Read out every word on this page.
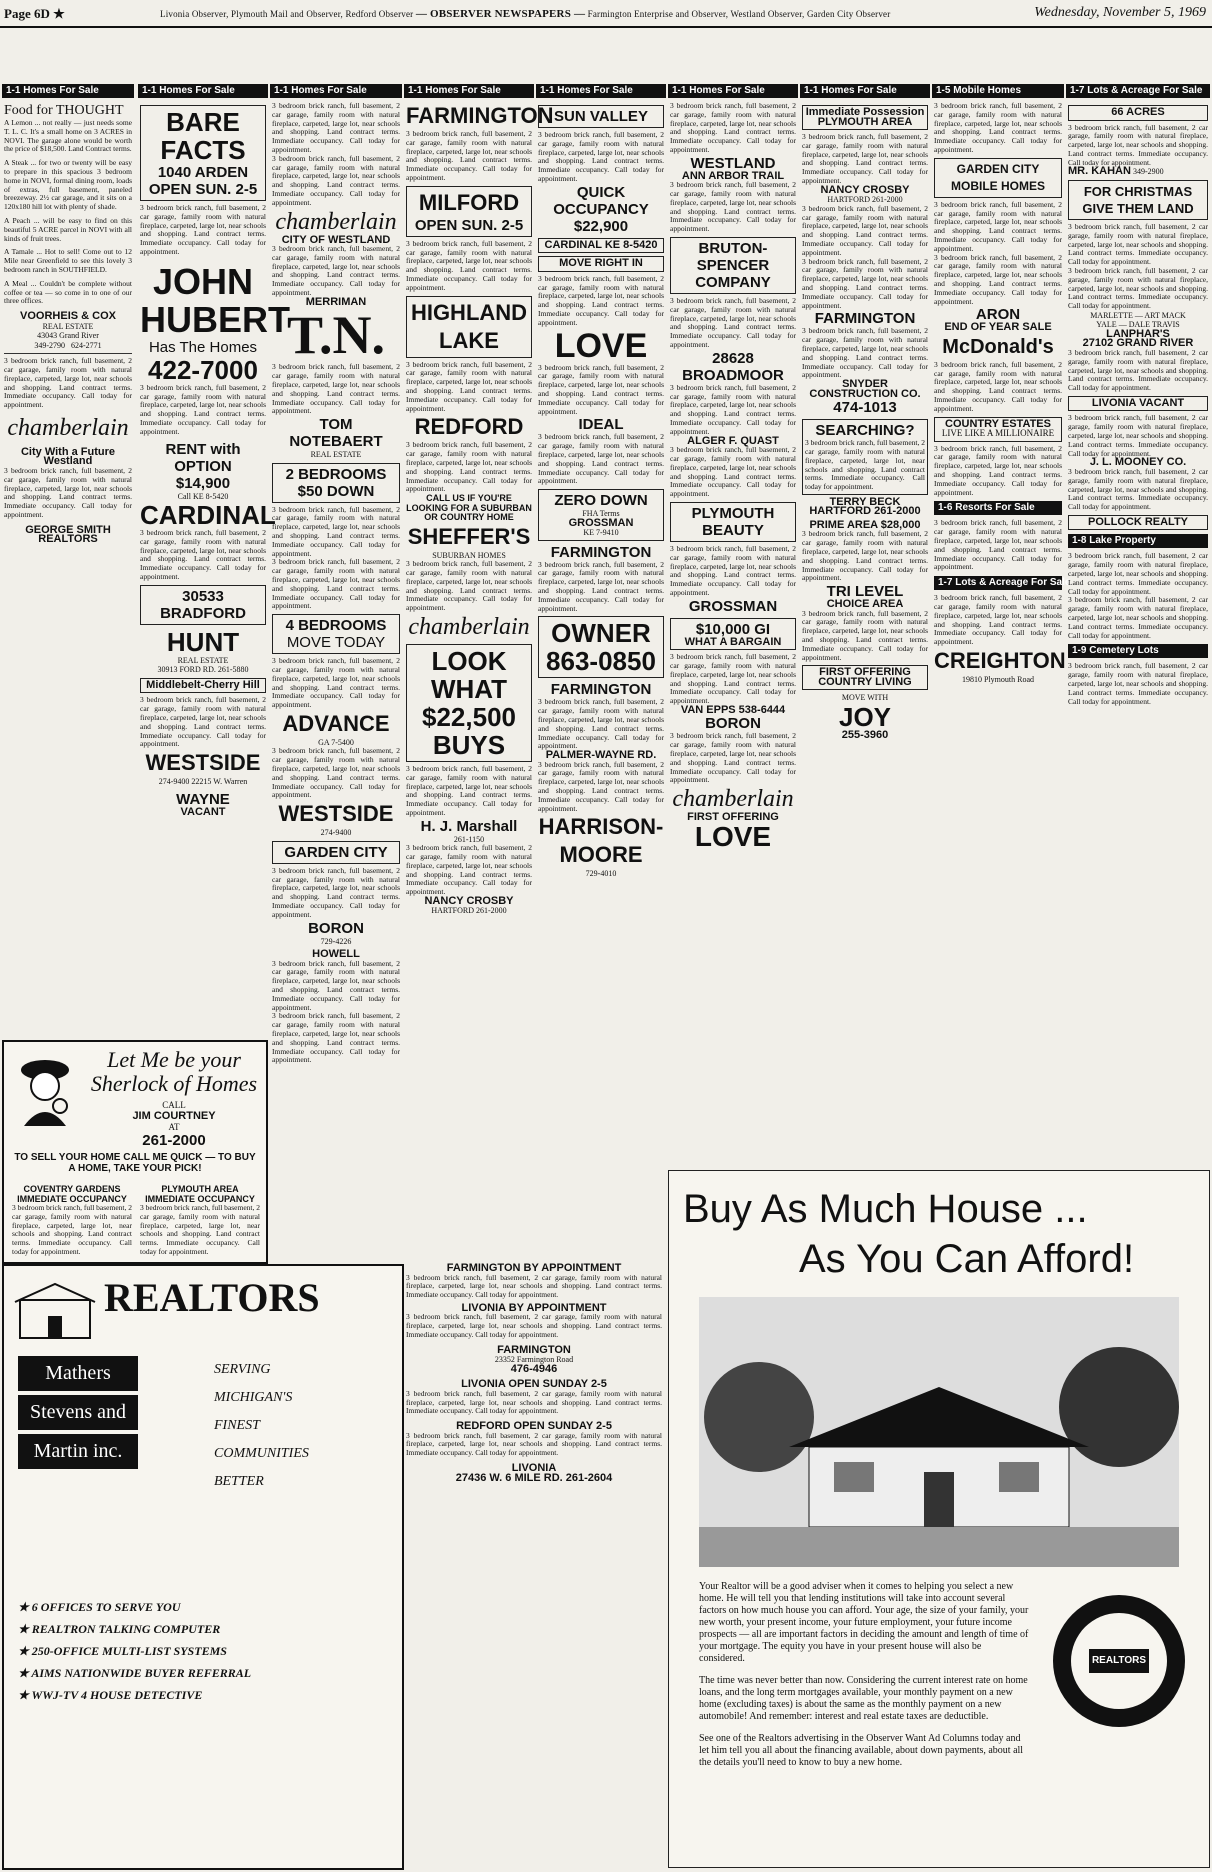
Page 6D ★	Livonia Observer, Plymouth Mail and Observer, Redford Observer — OBSERVER NEWSPAPERS — Farmington Enterprise and Observer, Westland Observer, Garden City Observer	Wednesday, November 5, 1969
1-1 Homes For Sale	1-1 Homes For Sale	1-1 Homes For Sale	1-1 Homes For Sale	1-1 Homes For Sale	1-1 Homes For Sale	1-1 Homes For Sale	1-5 Mobile Homes	1-7 Lots & Acreage For Sale
Food for THOUGHT
A Lemon ... not really — just needs some T. L. C. It's a small home on 3 ACRES in NOVI. The garage alone would be worth the price of $18,500. Land Contract terms.
A Steak ... for two or twenty will be easy to prepare in this spacious 3 bedroom home in NOVI, formal dining room, loads of extras, full basement, paneled breezeway. 2½ car garage, and it sits on a 120x180 hill lot with plenty of shade.
A Peach ... will be easy to find on this beautiful 5 ACRE parcel in NOVI with all kinds of fruit trees.
A Tamale ... Hot to sell! Come out to 12 Mile near Greenfield to see this lovely 3 bedroom ranch in SOUTHFIELD.
A Meal ... Couldn't be complete without coffee or tea — so come in to one of our three offices.
VOORHEIS & COX
REAL ESTATE
43043 Grand River
349-2790 624-2771
3 bedroom brick ranch, full basement, 2 car garage, family room with natural fireplace, carpeted, large lot, near schools and shopping. Land contract terms. Immediate occupancy. Call today for appointment.
chamberlain
City With a Future Westland
3 bedroom brick ranch, full basement, 2 car garage, family room with natural fireplace, carpeted, large lot, near schools and shopping. Land contract terms. Immediate occupancy. Call today for appointment.
GEORGE SMITH REALTORS
BARE FACTS
1040 ARDEN
OPEN SUN. 2-5
3 bedroom brick ranch, full basement, 2 car garage, family room with natural fireplace, carpeted, large lot, near schools and shopping. Land contract terms. Immediate occupancy. Call today for appointment.
JOHN HUBERT
Has The Homes
422-7000
3 bedroom brick ranch, full basement, 2 car garage, family room with natural fireplace, carpeted, large lot, near schools and shopping. Land contract terms. Immediate occupancy. Call today for appointment.
RENT with OPTION
$14,900
Call KE 8-5420
CARDINAL
3 bedroom brick ranch, full basement, 2 car garage, family room with natural fireplace, carpeted, large lot, near schools and shopping. Land contract terms. Immediate occupancy. Call today for appointment.
30533 BRADFORD
HUNT
REAL ESTATE
30913 FORD RD. 261-5880
Middlebelt-Cherry Hill
3 bedroom brick ranch, full basement, 2 car garage, family room with natural fireplace, carpeted, large lot, near schools and shopping. Land contract terms. Immediate occupancy. Call today for appointment.
WESTSIDE
274-9400 22215 W. Warren
WAYNE
VACANT
3 bedroom brick ranch, full basement, 2 car garage, family room with natural fireplace, carpeted, large lot, near schools and shopping. Land contract terms. Immediate occupancy. Call today for appointment.
3 bedroom brick ranch, full basement, 2 car garage, family room with natural fireplace, carpeted, large lot, near schools and shopping. Land contract terms. Immediate occupancy. Call today for appointment.
chamberlain
CITY OF WESTLAND
3 bedroom brick ranch, full basement, 2 car garage, family room with natural fireplace, carpeted, large lot, near schools and shopping. Land contract terms. Immediate occupancy. Call today for appointment.
MERRIMAN
T.N.
3 bedroom brick ranch, full basement, 2 car garage, family room with natural fireplace, carpeted, large lot, near schools and shopping. Land contract terms. Immediate occupancy. Call today for appointment.
TOM NOTEBAERT
REAL ESTATE
2 BEDROOMS
$50 DOWN
3 bedroom brick ranch, full basement, 2 car garage, family room with natural fireplace, carpeted, large lot, near schools and shopping. Land contract terms. Immediate occupancy. Call today for appointment.
3 bedroom brick ranch, full basement, 2 car garage, family room with natural fireplace, carpeted, large lot, near schools and shopping. Land contract terms. Immediate occupancy. Call today for appointment.
4 BEDROOMS
MOVE TODAY
3 bedroom brick ranch, full basement, 2 car garage, family room with natural fireplace, carpeted, large lot, near schools and shopping. Land contract terms. Immediate occupancy. Call today for appointment.
ADVANCE
GA 7-5400
3 bedroom brick ranch, full basement, 2 car garage, family room with natural fireplace, carpeted, large lot, near schools and shopping. Land contract terms. Immediate occupancy. Call today for appointment.
WESTSIDE
274-9400
GARDEN CITY
3 bedroom brick ranch, full basement, 2 car garage, family room with natural fireplace, carpeted, large lot, near schools and shopping. Land contract terms. Immediate occupancy. Call today for appointment.
BORON
729-4226
HOWELL
3 bedroom brick ranch, full basement, 2 car garage, family room with natural fireplace, carpeted, large lot, near schools and shopping. Land contract terms. Immediate occupancy. Call today for appointment.
3 bedroom brick ranch, full basement, 2 car garage, family room with natural fireplace, carpeted, large lot, near schools and shopping. Land contract terms. Immediate occupancy. Call today for appointment.
FARMINGTON
3 bedroom brick ranch, full basement, 2 car garage, family room with natural fireplace, carpeted, large lot, near schools and shopping. Land contract terms. Immediate occupancy. Call today for appointment.
MILFORD
OPEN SUN. 2-5
3 bedroom brick ranch, full basement, 2 car garage, family room with natural fireplace, carpeted, large lot, near schools and shopping. Land contract terms. Immediate occupancy. Call today for appointment.
HIGHLAND LAKE
3 bedroom brick ranch, full basement, 2 car garage, family room with natural fireplace, carpeted, large lot, near schools and shopping. Land contract terms. Immediate occupancy. Call today for appointment.
REDFORD
3 bedroom brick ranch, full basement, 2 car garage, family room with natural fireplace, carpeted, large lot, near schools and shopping. Land contract terms. Immediate occupancy. Call today for appointment.
CALL US IF YOU'RE LOOKING FOR A SUBURBAN OR COUNTRY HOME
SHEFFER'S
SUBURBAN HOMES
3 bedroom brick ranch, full basement, 2 car garage, family room with natural fireplace, carpeted, large lot, near schools and shopping. Land contract terms. Immediate occupancy. Call today for appointment.
chamberlain
LOOK WHAT
$22,500
BUYS
3 bedroom brick ranch, full basement, 2 car garage, family room with natural fireplace, carpeted, large lot, near schools and shopping. Land contract terms. Immediate occupancy. Call today for appointment.
H. J. Marshall
261-1150
3 bedroom brick ranch, full basement, 2 car garage, family room with natural fireplace, carpeted, large lot, near schools and shopping. Land contract terms. Immediate occupancy. Call today for appointment.
NANCY CROSBY
HARTFORD 261-2000
SUN VALLEY
3 bedroom brick ranch, full basement, 2 car garage, family room with natural fireplace, carpeted, large lot, near schools and shopping. Land contract terms. Immediate occupancy. Call today for appointment.
QUICK OCCUPANCY
$22,900
CARDINAL KE 8-5420
MOVE RIGHT IN
3 bedroom brick ranch, full basement, 2 car garage, family room with natural fireplace, carpeted, large lot, near schools and shopping. Land contract terms. Immediate occupancy. Call today for appointment.
LOVE
3 bedroom brick ranch, full basement, 2 car garage, family room with natural fireplace, carpeted, large lot, near schools and shopping. Land contract terms. Immediate occupancy. Call today for appointment.
IDEAL
3 bedroom brick ranch, full basement, 2 car garage, family room with natural fireplace, carpeted, large lot, near schools and shopping. Land contract terms. Immediate occupancy. Call today for appointment.
ZERO DOWN
FHA Terms
GROSSMAN
KE 7-9410
FARMINGTON
3 bedroom brick ranch, full basement, 2 car garage, family room with natural fireplace, carpeted, large lot, near schools and shopping. Land contract terms. Immediate occupancy. Call today for appointment.
OWNER
863-0850
FARMINGTON
3 bedroom brick ranch, full basement, 2 car garage, family room with natural fireplace, carpeted, large lot, near schools and shopping. Land contract terms. Immediate occupancy. Call today for appointment.
PALMER-WAYNE RD.
3 bedroom brick ranch, full basement, 2 car garage, family room with natural fireplace, carpeted, large lot, near schools and shopping. Land contract terms. Immediate occupancy. Call today for appointment.
HARRISON-MOORE
729-4010
3 bedroom brick ranch, full basement, 2 car garage, family room with natural fireplace, carpeted, large lot, near schools and shopping. Land contract terms. Immediate occupancy. Call today for appointment.
WESTLAND
ANN ARBOR TRAIL
3 bedroom brick ranch, full basement, 2 car garage, family room with natural fireplace, carpeted, large lot, near schools and shopping. Land contract terms. Immediate occupancy. Call today for appointment.
BRUTON-SPENCER COMPANY
3 bedroom brick ranch, full basement, 2 car garage, family room with natural fireplace, carpeted, large lot, near schools and shopping. Land contract terms. Immediate occupancy. Call today for appointment.
28628 BROADMOOR
3 bedroom brick ranch, full basement, 2 car garage, family room with natural fireplace, carpeted, large lot, near schools and shopping. Land contract terms. Immediate occupancy. Call today for appointment.
ALGER F. QUAST
3 bedroom brick ranch, full basement, 2 car garage, family room with natural fireplace, carpeted, large lot, near schools and shopping. Land contract terms. Immediate occupancy. Call today for appointment.
PLYMOUTH BEAUTY
3 bedroom brick ranch, full basement, 2 car garage, family room with natural fireplace, carpeted, large lot, near schools and shopping. Land contract terms. Immediate occupancy. Call today for appointment.
GROSSMAN
$10,000 GI
WHAT A BARGAIN
3 bedroom brick ranch, full basement, 2 car garage, family room with natural fireplace, carpeted, large lot, near schools and shopping. Land contract terms. Immediate occupancy. Call today for appointment.
VAN EPPS 538-6444
BORON
3 bedroom brick ranch, full basement, 2 car garage, family room with natural fireplace, carpeted, large lot, near schools and shopping. Land contract terms. Immediate occupancy. Call today for appointment.
chamberlain
FIRST OFFERING
LOVE
Immediate Possession PLYMOUTH AREA
3 bedroom brick ranch, full basement, 2 car garage, family room with natural fireplace, carpeted, large lot, near schools and shopping. Land contract terms. Immediate occupancy. Call today for appointment.
NANCY CROSBY
HARTFORD 261-2000
3 bedroom brick ranch, full basement, 2 car garage, family room with natural fireplace, carpeted, large lot, near schools and shopping. Land contract terms. Immediate occupancy. Call today for appointment.
3 bedroom brick ranch, full basement, 2 car garage, family room with natural fireplace, carpeted, large lot, near schools and shopping. Land contract terms. Immediate occupancy. Call today for appointment.
FARMINGTON
3 bedroom brick ranch, full basement, 2 car garage, family room with natural fireplace, carpeted, large lot, near schools and shopping. Land contract terms. Immediate occupancy. Call today for appointment.
SNYDER CONSTRUCTION CO.
474-1013
SEARCHING?
3 bedroom brick ranch, full basement, 2 car garage, family room with natural fireplace, carpeted, large lot, near schools and shopping. Land contract terms. Immediate occupancy. Call today for appointment.
TERRY BECK
HARTFORD 261-2000
PRIME AREA $28,000
3 bedroom brick ranch, full basement, 2 car garage, family room with natural fireplace, carpeted, large lot, near schools and shopping. Land contract terms. Immediate occupancy. Call today for appointment.
TRI LEVEL
CHOICE AREA
3 bedroom brick ranch, full basement, 2 car garage, family room with natural fireplace, carpeted, large lot, near schools and shopping. Land contract terms. Immediate occupancy. Call today for appointment.
FIRST OFFERING COUNTRY LIVING
MOVE WITH
JOY
255-3960
3 bedroom brick ranch, full basement, 2 car garage, family room with natural fireplace, carpeted, large lot, near schools and shopping. Land contract terms. Immediate occupancy. Call today for appointment.
GARDEN CITY MOBILE HOMES
3 bedroom brick ranch, full basement, 2 car garage, family room with natural fireplace, carpeted, large lot, near schools and shopping. Land contract terms. Immediate occupancy. Call today for appointment.
3 bedroom brick ranch, full basement, 2 car garage, family room with natural fireplace, carpeted, large lot, near schools and shopping. Land contract terms. Immediate occupancy. Call today for appointment.
ARON
END OF YEAR SALE
McDonald's
3 bedroom brick ranch, full basement, 2 car garage, family room with natural fireplace, carpeted, large lot, near schools and shopping. Land contract terms. Immediate occupancy. Call today for appointment.
COUNTRY ESTATES
LIVE LIKE A MILLIONAIRE
3 bedroom brick ranch, full basement, 2 car garage, family room with natural fireplace, carpeted, large lot, near schools and shopping. Land contract terms. Immediate occupancy. Call today for appointment.
1-6 Resorts For Sale
3 bedroom brick ranch, full basement, 2 car garage, family room with natural fireplace, carpeted, large lot, near schools and shopping. Land contract terms. Immediate occupancy. Call today for appointment.
1-7 Lots & Acreage For Sale
3 bedroom brick ranch, full basement, 2 car garage, family room with natural fireplace, carpeted, large lot, near schools and shopping. Land contract terms. Immediate occupancy. Call today for appointment.
CREIGHTON
19810 Plymouth Road
66 ACRES
3 bedroom brick ranch, full basement, 2 car garage, family room with natural fireplace, carpeted, large lot, near schools and shopping. Land contract terms. Immediate occupancy. Call today for appointment.
MR. KAHAN 349-2900
FOR CHRISTMAS GIVE THEM LAND
3 bedroom brick ranch, full basement, 2 car garage, family room with natural fireplace, carpeted, large lot, near schools and shopping. Land contract terms. Immediate occupancy. Call today for appointment.
3 bedroom brick ranch, full basement, 2 car garage, family room with natural fireplace, carpeted, large lot, near schools and shopping. Land contract terms. Immediate occupancy. Call today for appointment.
MARLETTE — ART MACK
YALE — DALE TRAVIS
LANPHAR'S
27102 GRAND RIVER
3 bedroom brick ranch, full basement, 2 car garage, family room with natural fireplace, carpeted, large lot, near schools and shopping. Land contract terms. Immediate occupancy. Call today for appointment.
LIVONIA VACANT
3 bedroom brick ranch, full basement, 2 car garage, family room with natural fireplace, carpeted, large lot, near schools and shopping. Land contract terms. Immediate occupancy. Call today for appointment.
J. L. MOONEY CO.
3 bedroom brick ranch, full basement, 2 car garage, family room with natural fireplace, carpeted, large lot, near schools and shopping. Land contract terms. Immediate occupancy. Call today for appointment.
POLLOCK REALTY
1-8 Lake Property
3 bedroom brick ranch, full basement, 2 car garage, family room with natural fireplace, carpeted, large lot, near schools and shopping. Land contract terms. Immediate occupancy. Call today for appointment.
3 bedroom brick ranch, full basement, 2 car garage, family room with natural fireplace, carpeted, large lot, near schools and shopping. Land contract terms. Immediate occupancy. Call today for appointment.
1-9 Cemetery Lots
3 bedroom brick ranch, full basement, 2 car garage, family room with natural fireplace, carpeted, large lot, near schools and shopping. Land contract terms. Immediate occupancy. Call today for appointment.
Let Me be your
Sherlock of Homes
CALL
JIM COURTNEY
AT
261-2000
TO SELL YOUR HOME CALL ME QUICK — TO BUY A HOME, TAKE YOUR PICK!
COVENTRY GARDENS IMMEDIATE OCCUPANCY
3 bedroom brick ranch, full basement, 2 car garage, family room with natural fireplace, carpeted, large lot, near schools and shopping. Land contract terms. Immediate occupancy. Call today for appointment.
PLYMOUTH AREA IMMEDIATE OCCUPANCY
3 bedroom brick ranch, full basement, 2 car garage, family room with natural fireplace, carpeted, large lot, near schools and shopping. Land contract terms. Immediate occupancy. Call today for appointment.
REALTORS
Mathers
Stevens and
Martin inc.
SERVING
MICHIGAN'S
FINEST
COMMUNITIES
BETTER
★ 6 OFFICES TO SERVE YOU
★ REALTRON TALKING COMPUTER
★ 250-OFFICE MULTI-LIST SYSTEMS
★ AIMS NATIONWIDE BUYER REFERRAL
★ WWJ-TV 4 HOUSE DETECTIVE
FARMINGTON BY APPOINTMENT
3 bedroom brick ranch, full basement, 2 car garage, family room with natural fireplace, carpeted, large lot, near schools and shopping. Land contract terms. Immediate occupancy. Call today for appointment.
LIVONIA BY APPOINTMENT
3 bedroom brick ranch, full basement, 2 car garage, family room with natural fireplace, carpeted, large lot, near schools and shopping. Land contract terms. Immediate occupancy. Call today for appointment.
FARMINGTON
23352 Farmington Road
476-4946
LIVONIA OPEN SUNDAY 2-5
3 bedroom brick ranch, full basement, 2 car garage, family room with natural fireplace, carpeted, large lot, near schools and shopping. Land contract terms. Immediate occupancy. Call today for appointment.
REDFORD OPEN SUNDAY 2-5
3 bedroom brick ranch, full basement, 2 car garage, family room with natural fireplace, carpeted, large lot, near schools and shopping. Land contract terms. Immediate occupancy. Call today for appointment.
LIVONIA
27436 W. 6 MILE RD. 261-2604
Buy As Much House ...
As You Can Afford!
Your Realtor will be a good adviser when it comes to helping you select a new home. He will tell you that lending institutions will take into account several factors on how much house you can afford. Your age, the size of your family, your new worth, your present income, your future employment, your future income prospects — all are important factors in deciding the amount and length of time of your mortgage. The equity you have in your present house will also be considered.
The time was never better than now. Considering the current interest rate on home loans, and the long term mortgages available, your monthly payment on a new home (excluding taxes) is about the same as the monthly payment on a new automobile! And remember: interest and real estate taxes are deductible.
See one of the Realtors advertising in the Observer Want Ad Columns today and let him tell you all about the financing available, about down payments, about all the details you'll need to know to buy a new home.
REALTORS
